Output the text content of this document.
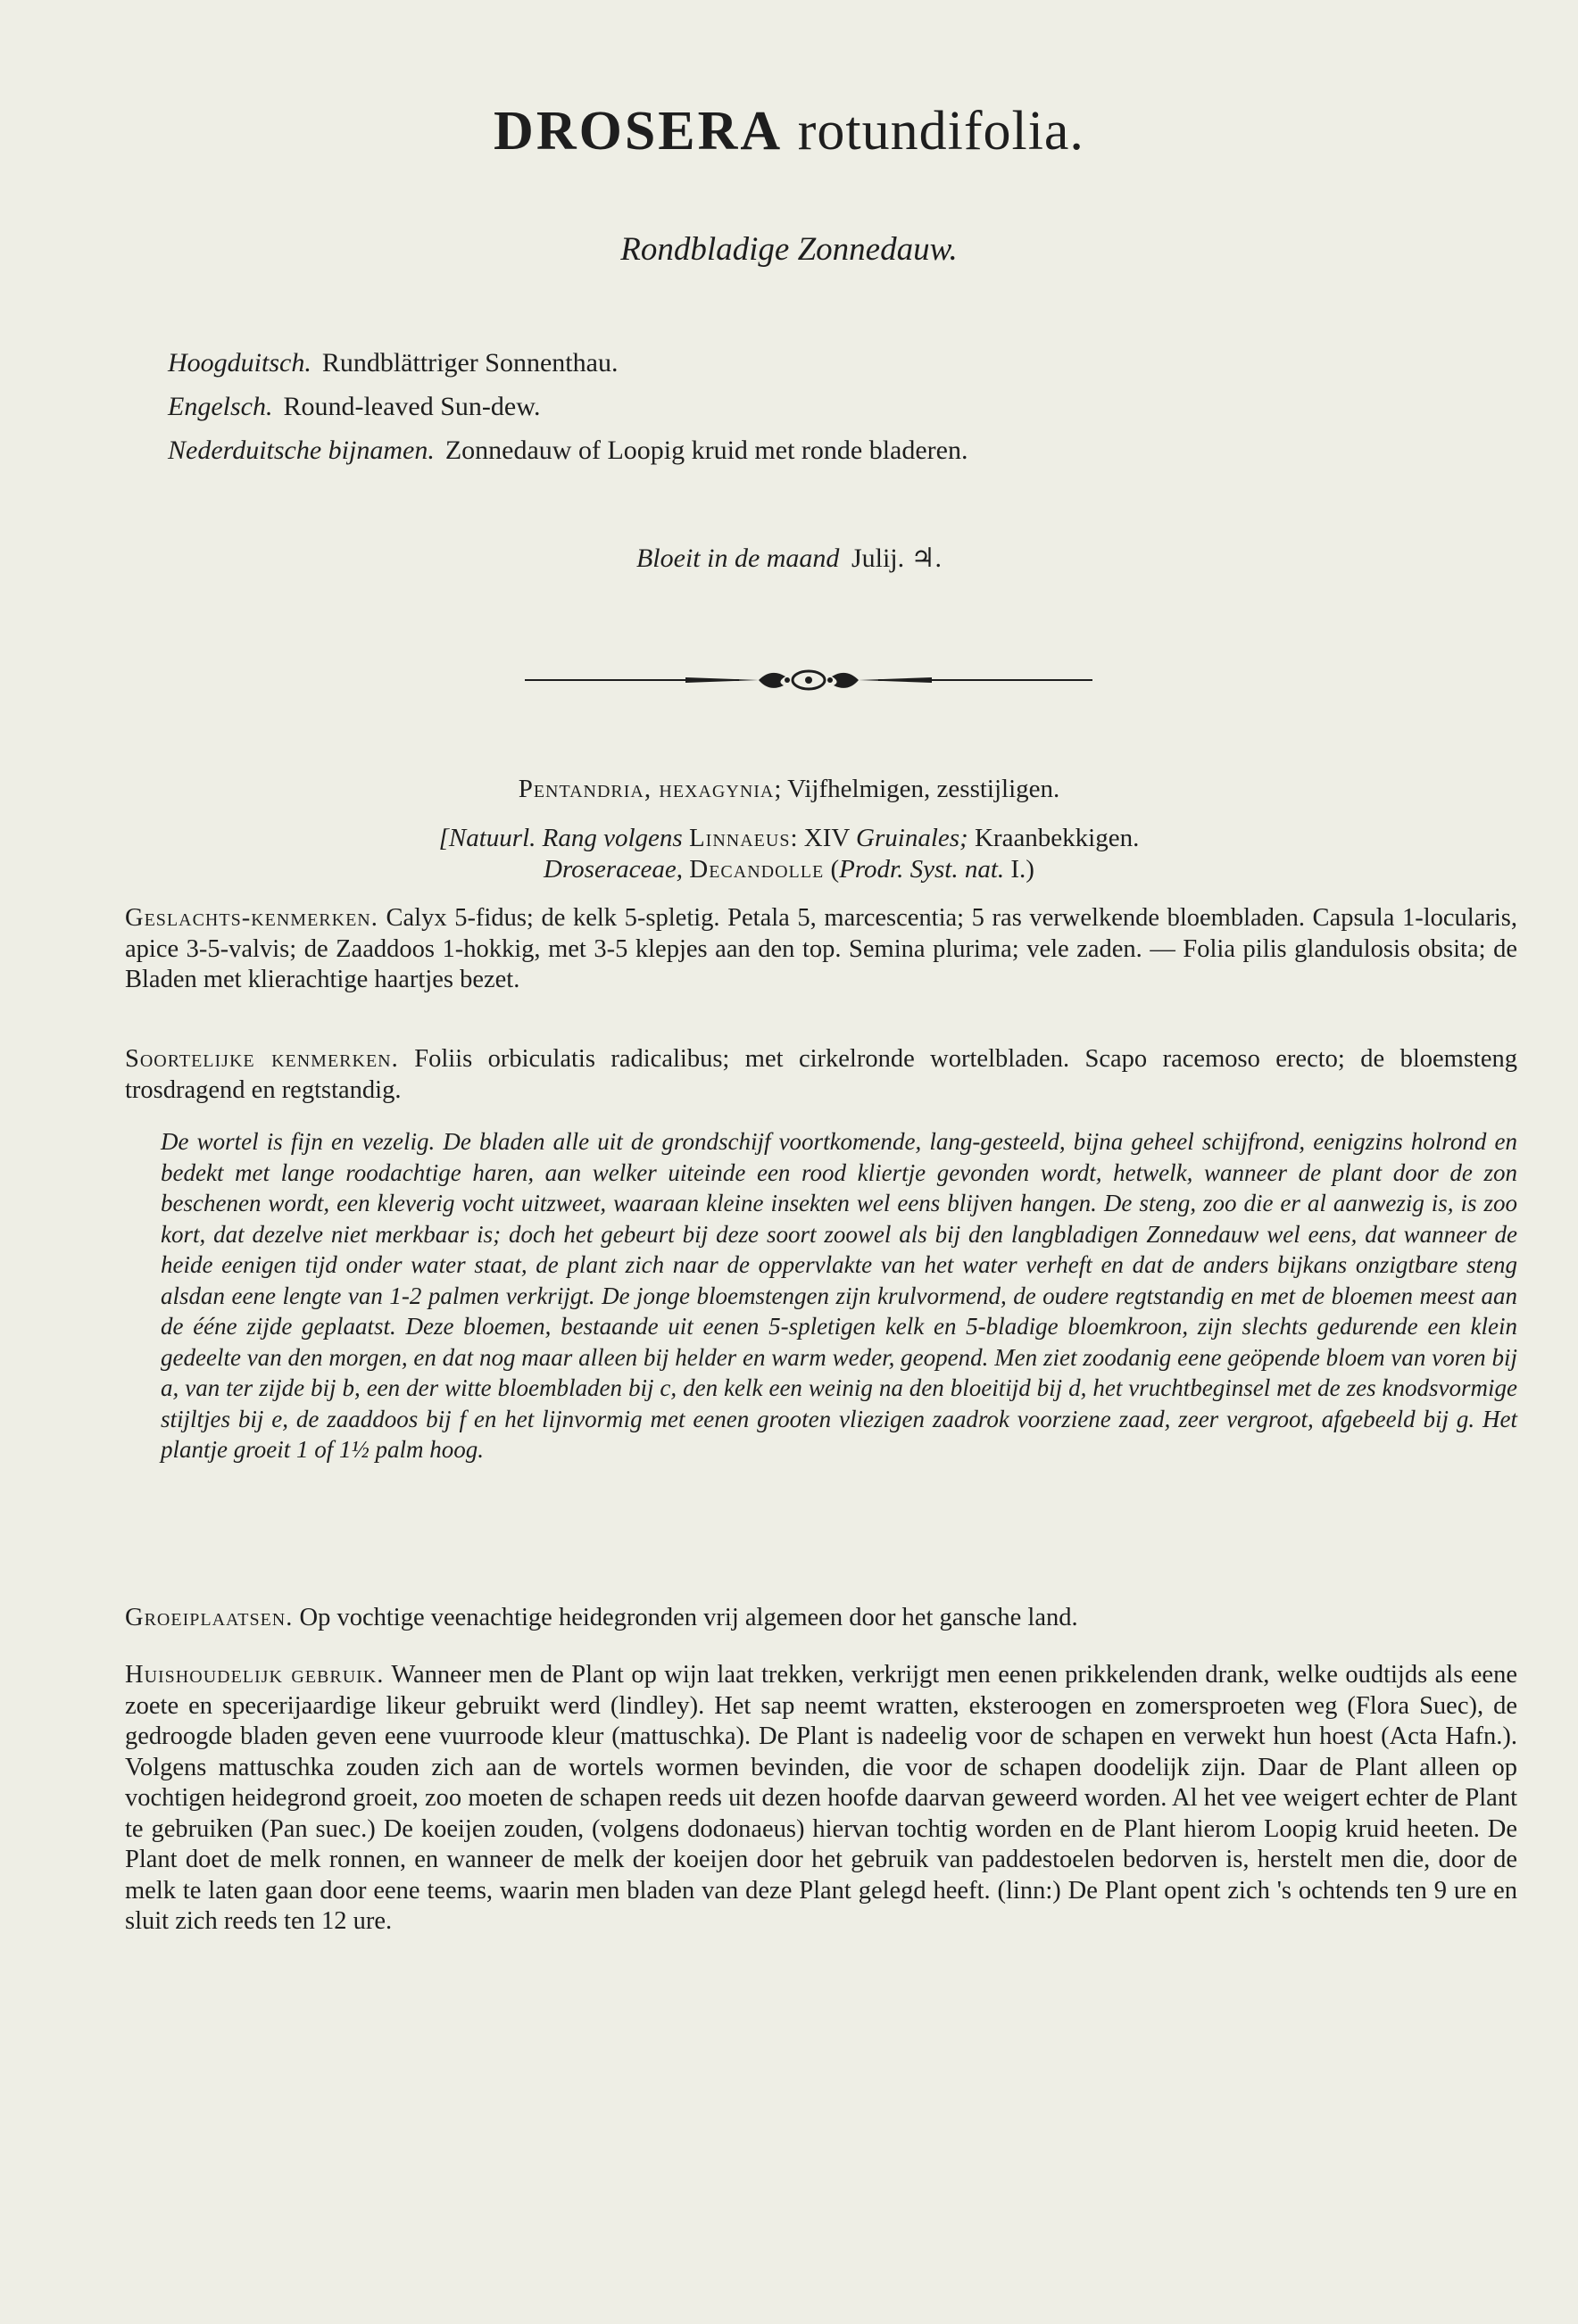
DROSERA rotundifolia.
Rondbladige Zonnedauw.
Hoogduitsch. Rundblättriger Sonnenthau.
Engelsch. Round-leaved Sun-dew.
Nederduitsche bijnamen. Zonnedauw of Loopig kruid met ronde bladeren.
Bloeit in de maand Julij. ♃.
Pentandria, hexagynia; Vijfhelmigen, zesstijligen.
[Natuurl. Rang volgens Linnaeus: XIV Gruinales; Kraanbekkigen.
Droseraceae, Decandolle (Prodr. Syst. nat. I.)

Geslachts-kenmerken. Calyx 5-fidus; de kelk 5-spletig. Petala 5, marcescentia; 5 ras verwelkende bloembladen. Capsula 1-locularis, apice 3-5-valvis; de Zaaddoos 1-hokkig, met 3-5 klepjes aan den top. Semina plurima; vele zaden. — Folia pilis glandulosis obsita; de Bladen met klierachtige haartjes bezet.

Soortelijke kenmerken. Foliis orbiculatis radicalibus; met cirkelronde wortelbladen. Scapo racemoso erecto; de bloemsteng trosdragend en regtstandig.

De wortel is fijn en vezelig. De bladen alle uit de grondschijf voortkomende, lang-gesteeld, bijna geheel schijfrond, eenigzins holrond en bedekt met lange roodachtige haren, aan welker uiteinde een rood kliertje gevonden wordt, hetwelk, wanneer de plant door de zon beschenen wordt, een kleverig vocht uitzweet, waaraan kleine insekten wel eens blijven hangen. De steng, zoo die er al aanwezig is, is zoo kort, dat dezelve niet merkbaar is; doch het gebeurt bij deze soort zoowel als bij den langbladigen Zonnedauw wel eens, dat wanneer de heide eenigen tijd onder water staat, de plant zich naar de oppervlakte van het water verheft en dat de anders bijkans onzigtbare steng alsdan eene lengte van 1-2 palmen verkrijgt. De jonge bloemstengen zijn krulvormend, de oudere regtstandig en met de bloemen meest aan de ééne zijde geplaatst. Deze bloemen, bestaande uit eenen 5-spletigen kelk en 5-bladige bloemkroon, zijn slechts gedurende een klein gedeelte van den morgen, en dat nog maar alleen bij helder en warm weder, geopend. Men ziet zoodanig eene geöpende bloem van voren bij a, van ter zijde bij b, een der witte bloembladen bij c, den kelk een weinig na den bloeitijd bij d, het vruchtbeginsel met de zes knodsvormige stijltjes bij e, de zaaddoos bij f en het lijnvormig met eenen grooten vliezigen zaadrok voorziene zaad, zeer vergroot, afgebeeld bij g. Het plantje groeit 1 of 1½ palm hoog.

Groeiplaatsen. Op vochtige veenachtige heidegronden vrij algemeen door het gansche land.

Huishoudelijk gebruik. Wanneer men de Plant op wijn laat trekken, verkrijgt men eenen prikkelenden drank, welke oudtijds als eene zoete en specerijaardige likeur gebruikt werd (lindley). Het sap neemt wratten, eksteroogen en zomersproeten weg (Flora Suec), de gedroogde bladen geven eene vuurroode kleur (mattuschka). De Plant is nadeelig voor de schapen en verwekt hun hoest (Acta Hafn.). Volgens mattuschka zouden zich aan de wortels wormen bevinden, die voor de schapen doodelijk zijn. Daar de Plant alleen op vochtigen heidegrond groeit, zoo moeten de schapen reeds uit dezen hoofde daarvan geweerd worden. Al het vee weigert echter de Plant te gebruiken (Pan suec.) De koeijen zouden, (volgens dodonaeus) hiervan tochtig worden en de Plant hierom Loopig kruid heeten. De Plant doet de melk ronnen, en wanneer de melk der koeijen door het gebruik van paddestoelen bedorven is, herstelt men die, door de melk te laten gaan door eene teems, waarin men bladen van deze Plant gelegd heeft. (linn:) De Plant opent zich 's ochtends ten 9 ure en sluit zich reeds ten 12 ure.
